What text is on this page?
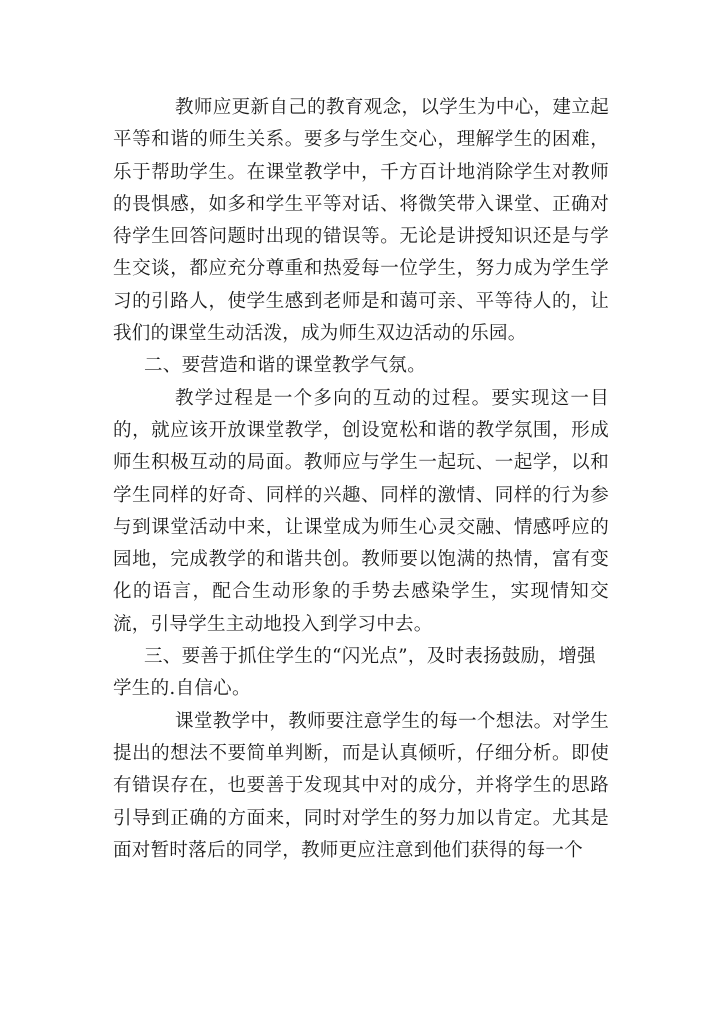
教师应更新自己的教育观念，以学生为中心，建立起平等和谐的师生关系。要多与学生交心，理解学生的困难，乐于帮助学生。在课堂教学中，千方百计地消除学生对教师的畏惧感，如多和学生平等对话、将微笑带入课堂、正确对待学生回答问题时出现的错误等。无论是讲授知识还是与学生交谈，都应充分尊重和热爱每一位学生，努力成为学生学习的引路人，使学生感到老师是和蔼可亲、平等待人的，让我们的课堂生动活泼，成为师生双边活动的乐园。

二、要营造和谐的课堂教学气氛。

教学过程是一个多向的互动的过程。要实现这一目的，就应该开放课堂教学，创设宽松和谐的教学氛围，形成师生积极互动的局面。教师应与学生一起玩、一起学，以和学生同样的好奇、同样的兴趣、同样的激情、同样的行为参与到课堂活动中来，让课堂成为师生心灵交融、情感呼应的园地，完成教学的和谐共创。教师要以饱满的热情，富有变化的语言，配合生动形象的手势去感染学生，实现情知交流，引导学生主动地投入到学习中去。

三、要善于抓住学生的“闪光点”，及时表扬鼓励，增强学生的.自信心。

课堂教学中，教师要注意学生的每一个想法。对学生提出的想法不要简单判断，而是认真倾听，仔细分析。即使有错误存在，也要善于发现其中对的成分，并将学生的思路引导到正确的方面来，同时对学生的努力加以肯定。尤其是面对暂时落后的同学，教师更应注意到他们获得的每一个
